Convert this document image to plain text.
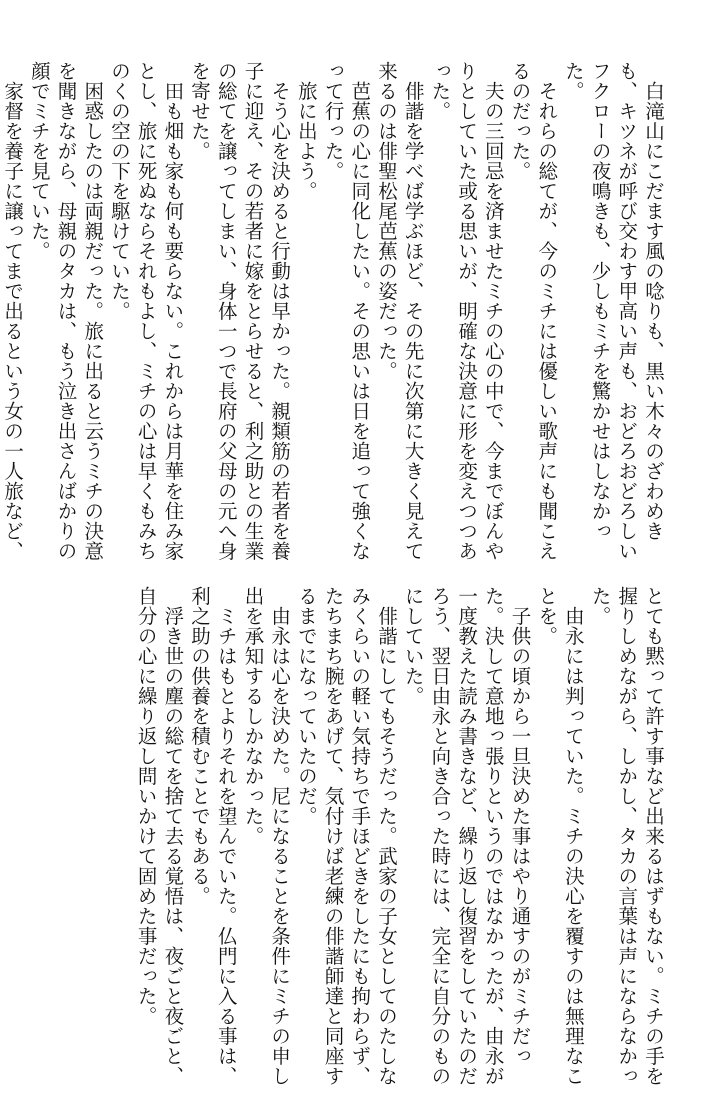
白滝山にこだます風の唸りも、黒い木々のざわめきも、キツネが呼び交わす甲高い声も、おどろおどろしいフクローの夜鳴きも、少しもミチを驚かせはしなかった。

それらの総てが、今のミチには優しい歌声にも聞こえるのだった。

夫の三回忌を済ませたミチの心の中で、今までぼんやりとしていた或る思いが、明確な決意に形を変えつつあった。

俳諧を学べば学ぶほど、その先に次第に大きく見えて来るのは俳聖松尾芭蕉の姿だった。

芭蕉の心に同化したい。その思いは日を追って強くなって行った。

旅に出よう。

そう心を決めると行動は早かった。親類筋の若者を養子に迎え、その若者に嫁をとらせると、利之助との生業の総てを譲ってしまい、身体一つで長府の父母の元へ身を寄せた。

田も畑も家も何も要らない。これからは月華を住み家とし、旅に死ぬならそれもよし、ミチの心は早くもみちのくの空の下を駆けていた。

困惑したのは両親だった。旅に出ると云うミチの決意を聞きながら、母親のタカは、もう泣き出さんばかりの顔でミチを見ていた。

家督を養子に譲ってまで出るという女の一人旅など、

とても黙って許す事など出来るはずもない。ミチの手を握りしめながら、しかし、タカの言葉は声にならなかった。

由永には判っていた。ミチの決心を覆すのは無理なことを。

子供の頃から一旦決めた事はやり通すのがミチだった。決して意地っ張りというのではなかったが、由永が一度教えた読み書きなど、繰り返し復習をしていたのだろう、翌日由永と向き合った時には、完全に自分のものにしていた。

俳諧にしてもそうだった。武家の子女としてのたしなみくらいの軽い気持ちで手ほどきをしたにも拘わらず、たちまち腕をあげて、気付けば老練の俳諧師達と同座するまでになっていたのだ。

由永は心を決めた。尼になることを条件にミチの申し出を承知するしかなかった。

ミチはもとよりそれを望んでいた。仏門に入る事は、利之助の供養を積むことでもある。

浮き世の塵の総てを捨て去る覚悟は、夜ごと夜ごと、自分の心に繰り返し問いかけて固めた事だった。
